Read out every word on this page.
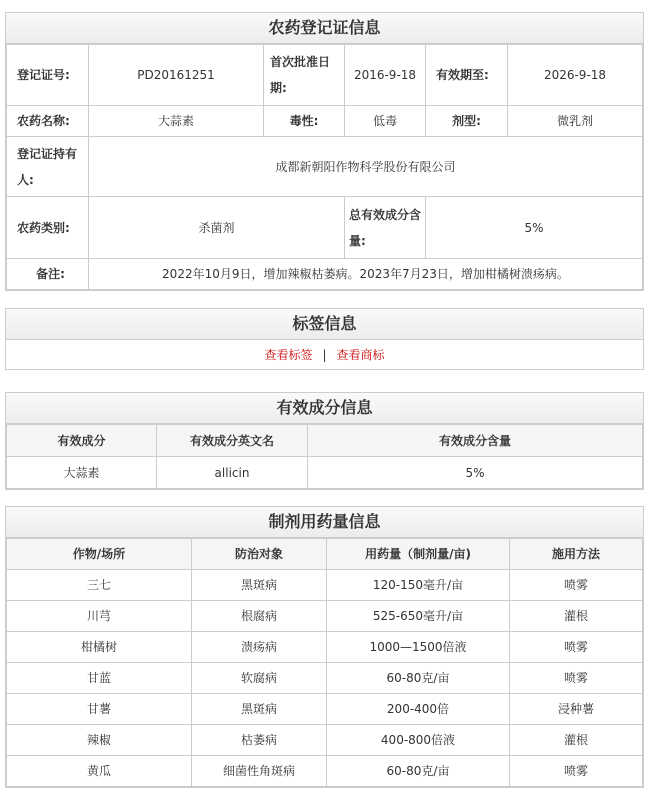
农药登记证信息
登记证号:	PD20161251	首次批准日期:	2016-9-18	有效期至:	2026-9-18
农药名称:	大蒜素	毒性:	低毒	剂型:	微乳剂
登记证持有人:	成都新朝阳作物科学股份有限公司				
农药类别:	杀菌剂		总有效成分含量:	5%	
备注:	2022年10月9日，增加辣椒枯萎病。2023年7月23日，增加柑橘树溃疡病。				
标签信息
查看标签 | 查看商标
有效成分信息
有效成分	有效成分英文名	有效成分含量
大蒜素	allicin	5%
制剂用药量信息
作物/场所	防治对象	用药量（制剂量/亩)	施用方法
三七	黑斑病	120-150毫升/亩	喷雾
川芎	根腐病	525-650毫升/亩	灌根
柑橘树	溃疡病	1000—1500倍液	喷雾
甘蓝	软腐病	60-80克/亩	喷雾
甘薯	黑斑病	200-400倍	浸种薯
辣椒	枯萎病	400-800倍液	灌根
黄瓜	细菌性角斑病	60-80克/亩	喷雾
